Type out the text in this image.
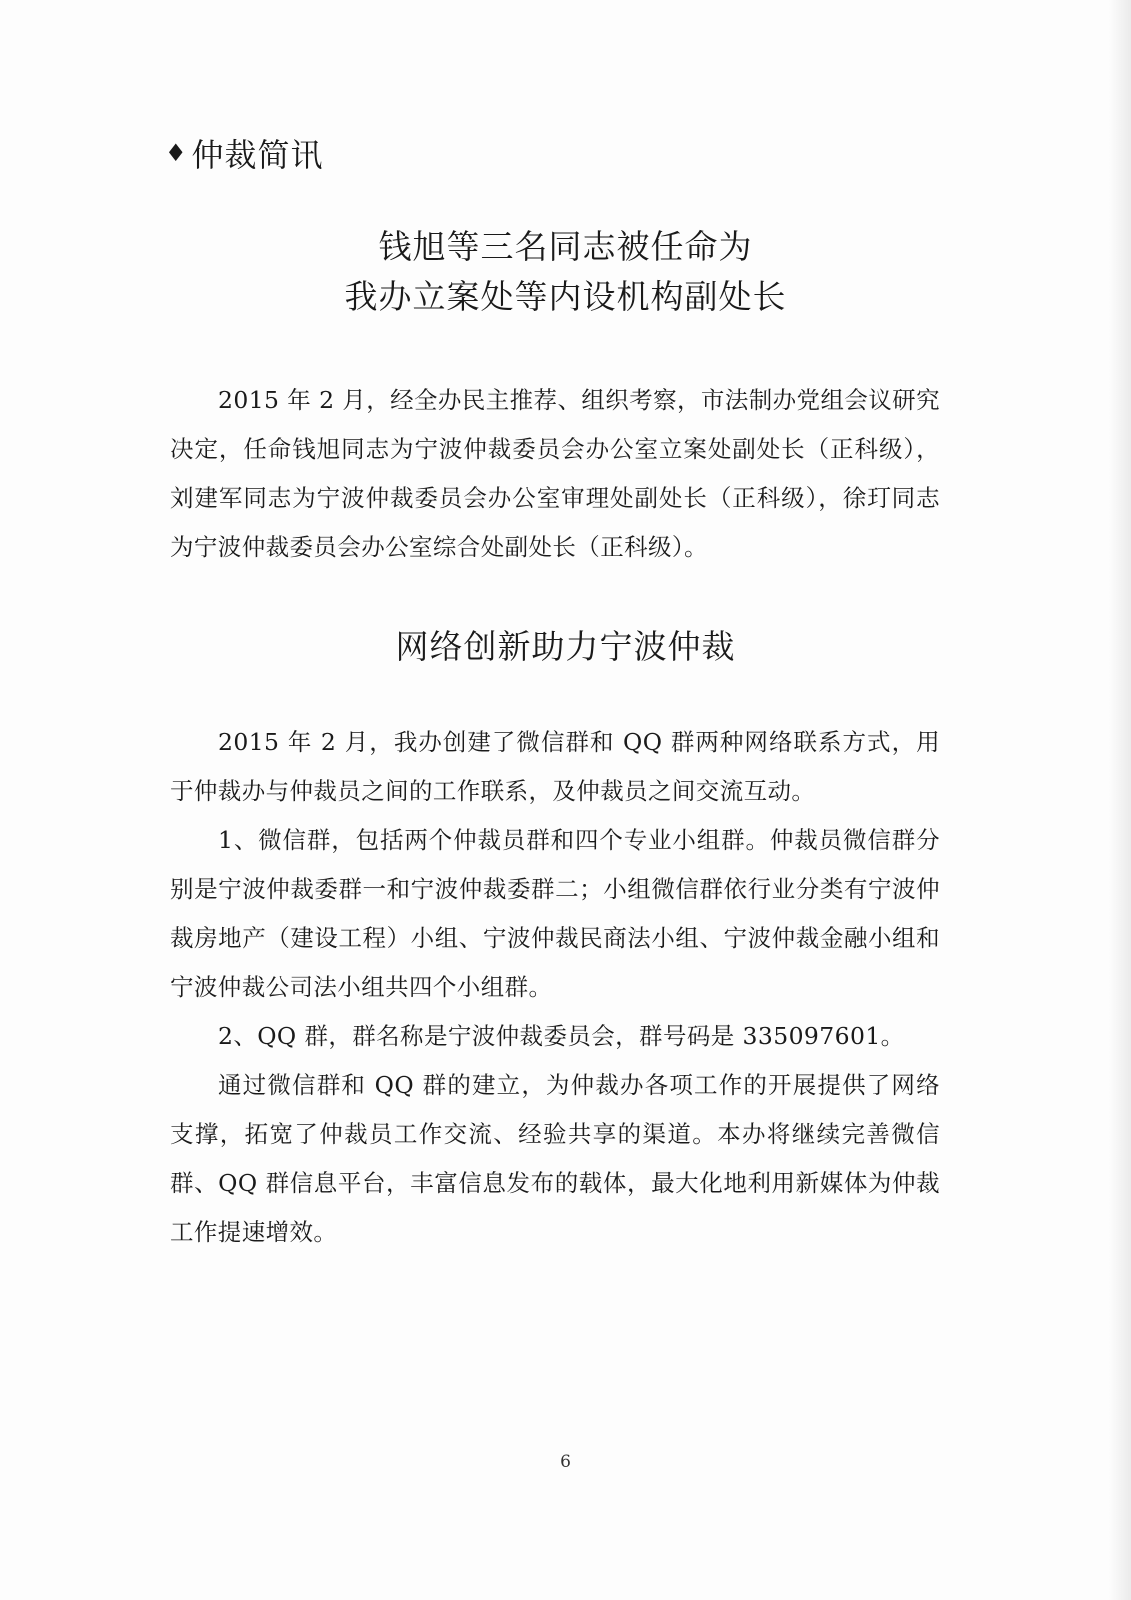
♦ 仲裁简讯
钱旭等三名同志被任命为
我办立案处等内设机构副处长

2015 年 2 月，经全办民主推荐、组织考察，市法制办党组会议研究决定，任命钱旭同志为宁波仲裁委员会办公室立案处副处长（正科级），刘建军同志为宁波仲裁委员会办公室审理处副处长（正科级），徐玎同志为宁波仲裁委员会办公室综合处副处长（正科级）。

网络创新助力宁波仲裁

2015 年 2 月，我办创建了微信群和 QQ 群两种网络联系方式，用于仲裁办与仲裁员之间的工作联系，及仲裁员之间交流互动。

1、微信群，包括两个仲裁员群和四个专业小组群。仲裁员微信群分别是宁波仲裁委群一和宁波仲裁委群二；小组微信群依行业分类有宁波仲裁房地产（建设工程）小组、宁波仲裁民商法小组、宁波仲裁金融小组和宁波仲裁公司法小组共四个小组群。

2、QQ 群，群名称是宁波仲裁委员会，群号码是 335097601。

通过微信群和 QQ 群的建立，为仲裁办各项工作的开展提供了网络支撑，拓宽了仲裁员工作交流、经验共享的渠道。本办将继续完善微信群、QQ 群信息平台，丰富信息发布的载体，最大化地利用新媒体为仲裁工作提速增效。

6
